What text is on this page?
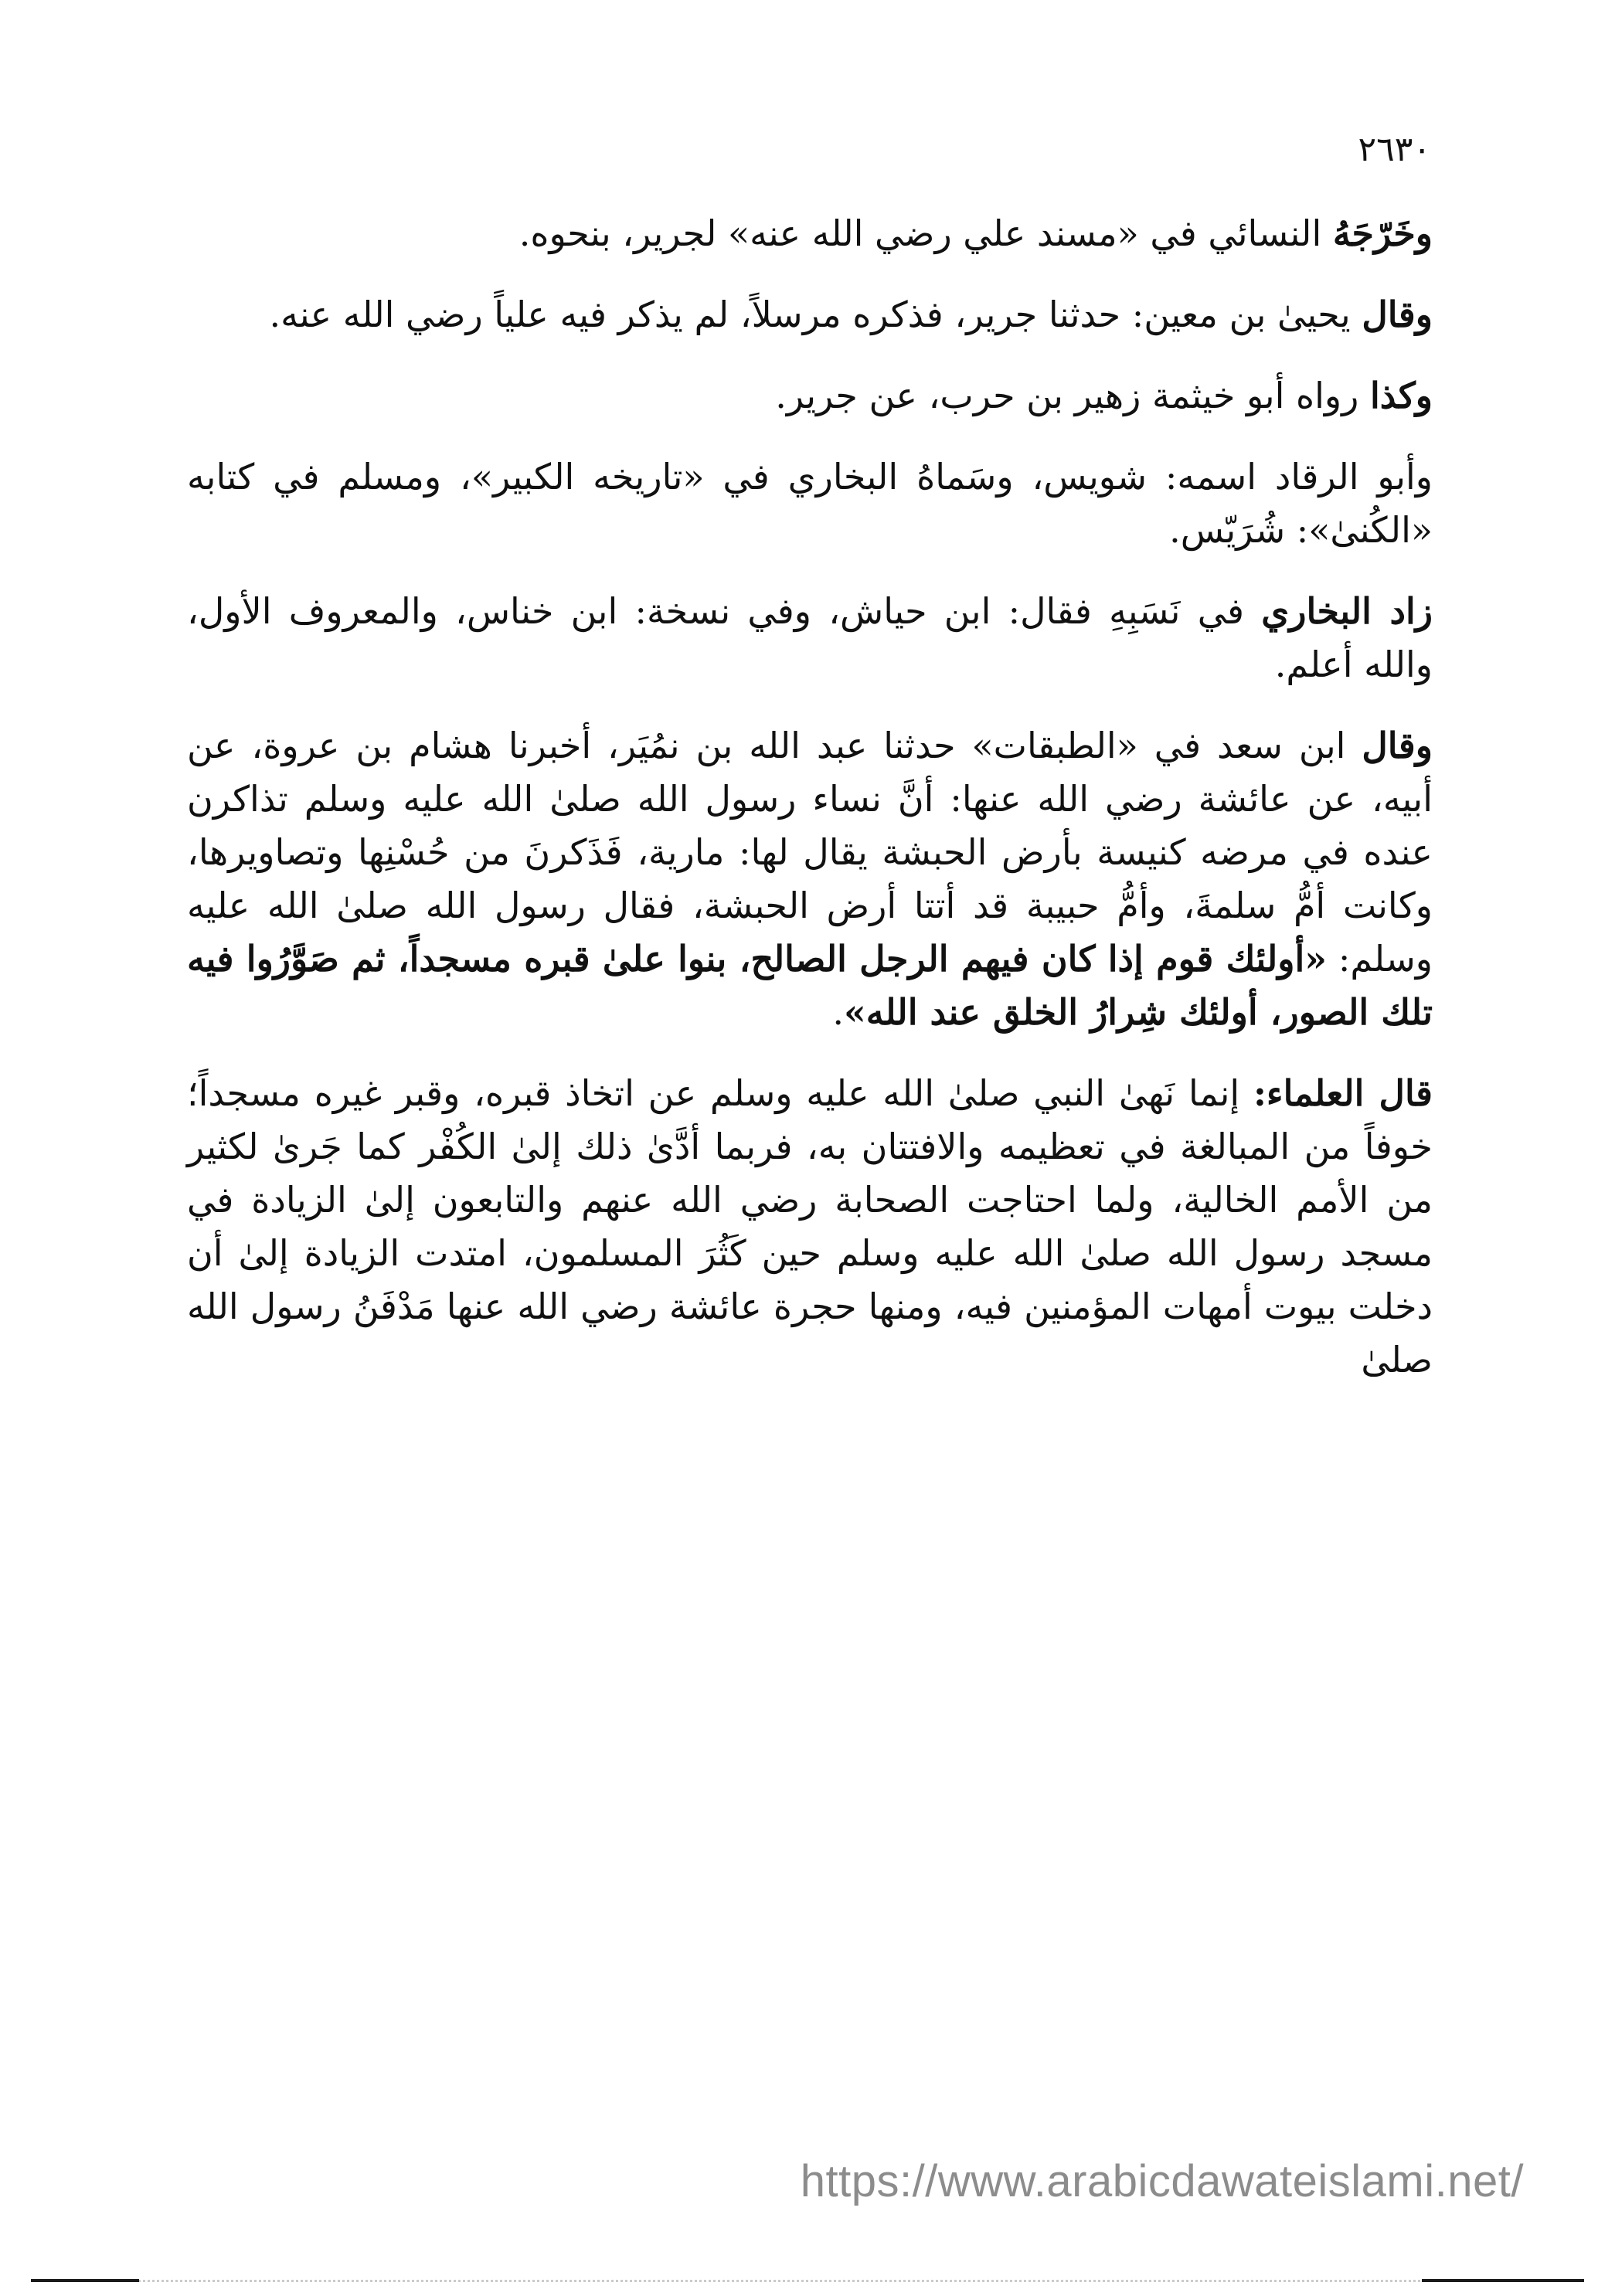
٢٦٣٠

وخَرّجَهُ النسائي في «مسند علي رضي الله عنه» لجرير، بنحوه.

وقال يحيىٰ بن معين: حدثنا جرير، فذكره مرسلاً، لم يذكر فيه علياً رضي الله عنه.

وكذا رواه أبو خيثمة زهير بن حرب، عن جرير.

وأبو الرقاد اسمه: شويس، وسَماهُ البخاري في «تاريخه الكبير»، ومسلم في كتابه «الكُنىٰ»: شُرَيّس.

زاد البخاري في نَسَبِهِ فقال: ابن حياش، وفي نسخة: ابن خناس، والمعروف الأول، والله أعلم.

وقال ابن سعد في «الطبقات» حدثنا عبد الله بن نمُيَر، أخبرنا هشام بن عروة، عن أبيه، عن عائشة رضي الله عنها: أنَّ نساء رسول الله صلىٰ الله عليه وسلم تذاكرن عنده في مرضه كنيسة بأرض الحبشة يقال لها: مارية، فَذَكرنَ من حُسْنِها وتصاويرها، وكانت أمُّ سلمةَ، وأمُّ حبيبة قد أتتا أرض الحبشة، فقال رسول الله صلىٰ الله عليه وسلم: «أولئك قوم إذا كان فيهم الرجل الصالح، بنوا علىٰ قبره مسجداً، ثم صَوَّرُوا فيه تلك الصور، أولئك شِرارُ الخلق عند الله».

قال العلماء: إنما نَهىٰ النبي صلىٰ الله عليه وسلم عن اتخاذ قبره، وقبر غيره مسجداً؛ خوفاً من المبالغة في تعظيمه والافتتان به، فربما أدَّىٰ ذلك إلىٰ الكُفْر كما جَرىٰ لكثير من الأمم الخالية، ولما احتاجت الصحابة رضي الله عنهم والتابعون إلىٰ الزيادة في مسجد رسول الله صلىٰ الله عليه وسلم حين كَثُرَ المسلمون، امتدت الزيادة إلىٰ أن دخلت بيوت أمهات المؤمنين فيه، ومنها حجرة عائشة رضي الله عنها مَدْفَنُ رسول الله صلىٰ

https://www.arabicdawateislami.net/
